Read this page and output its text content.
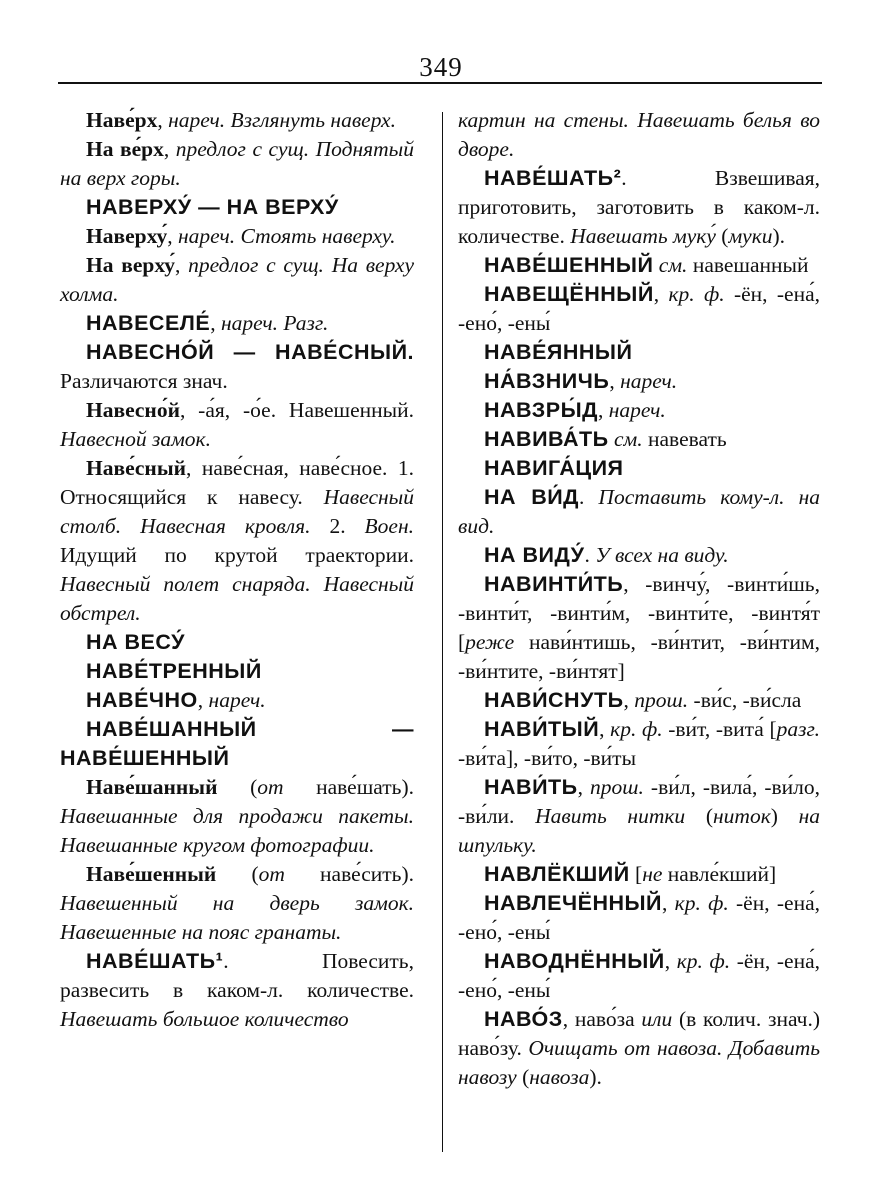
349
Наве́рх, нареч. Взглянуть наверх.
На ве́рх, предлог с сущ. Поднятый на верх горы.
НАВЕРХУ́ — НА ВЕРХУ́
Наверху́, нареч. Стоять наверху.
На верху́, предлог с сущ. На верху холма.
НАВЕСЕЛЕ́, нареч. Разг.
НАВЕСНО́Й — НАВЕ́СНЫЙ. Различаются знач.
Навесно́й, -а́я, -о́е. Навешенный. Навесной замок.
Наве́сный, наве́сная, наве́сное. 1. Относящийся к навесу. Навесный столб. Навесная кровля. 2. Воен. Идущий по крутой траектории. Навесный полет снаряда. Навесный обстрел.
НА ВЕСУ́
НАВЕ́ТРЕННЫЙ
НАВЕ́ЧНО, нареч.
НАВЕ́ШАННЫЙ — НАВЕ́ШЕННЫЙ
Наве́шанный (от наве́шать). Навешанные для продажи пакеты. Навешанные кругом фотографии.
Наве́шенный (от наве́сить). Навешенный на дверь замок. Навешенные на пояс гранаты.
НАВЕ́ШАТЬ¹. Повесить, развесить в каком-л. количестве. Навешать большое количество
картин на стены. Навешать белья во дворе.
НАВЕ́ШАТЬ². Взвешивая, приготовить, заготовить в каком-л. количестве. Навешать муку́ (муки).
НАВЕ́ШЕННЫЙ см. навешанный
НАВЕЩЁННЫЙ, кр. ф. -ён, -ена́, -ено́, -ены́
НАВЕ́ЯННЫЙ
НА́ВЗНИЧЬ, нареч.
НАВЗРЫ́Д, нареч.
НАВИВА́ТЬ см. навевать
НАВИГА́ЦИЯ
НА ВИ́Д. Поставить кому-л. на вид.
НА ВИДУ́. У всех на виду.
НАВИНТИ́ТЬ, -винчу́, -винти́шь, -винти́т, -винти́м, -винти́те, -винтя́т [реже нави́нтишь, -ви́нтит, -ви́нтим, -ви́нтите, -ви́нтят]
НАВИ́СНУТЬ, прош. -ви́с, -ви́сла
НАВИ́ТЫЙ, кр. ф. -ви́т, -вита́ [разг. -ви́та], -ви́то, -ви́ты
НАВИ́ТЬ, прош. -ви́л, -вила́, -ви́ло, -ви́ли. Навить нитки (ниток) на шпульку.
НАВЛЁКШИЙ [не навле́кший]
НАВЛЕЧЁННЫЙ, кр. ф. -ён, -ена́, -ено́, -ены́
НАВОДНЁННЫЙ, кр. ф. -ён, -ена́, -ено́, -ены́
НАВО́З, наво́за или (в колич. знач.) наво́зу. Очищать от навоза. Добавить навозу (навоза).
